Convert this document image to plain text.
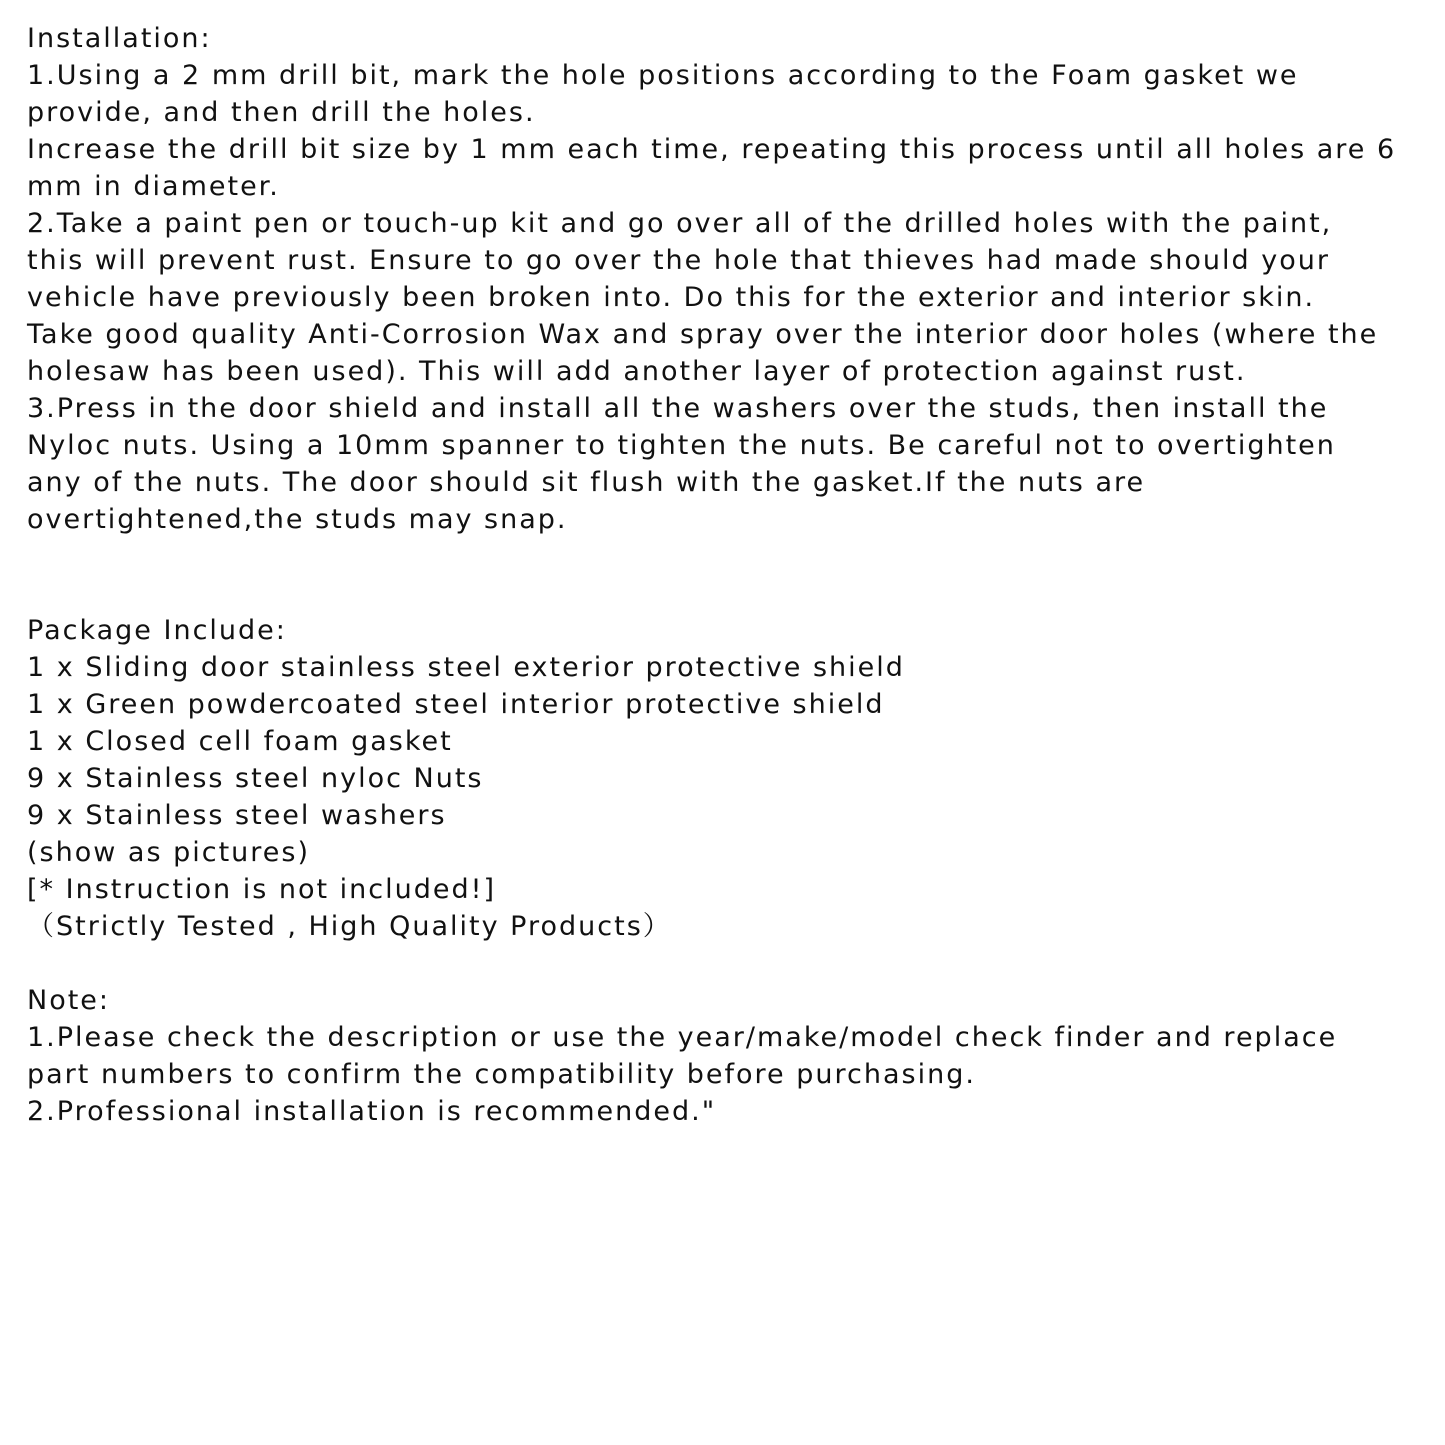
Installation:
1.Using a 2 mm drill bit, mark the hole positions according to the Foam gasket we
provide, and then drill the holes.
Increase the drill bit size by 1 mm each time, repeating this process until all holes are 6
mm in diameter.
2.Take a paint pen or touch-up kit and go over all of the drilled holes with the paint,
this will prevent rust. Ensure to go over the hole that thieves had made should your
vehicle have previously been broken into. Do this for the exterior and interior skin.
Take good quality Anti-Corrosion Wax and spray over the interior door holes (where the
holesaw has been used). This will add another layer of protection against rust.
3.Press in the door shield and install all the washers over the studs, then install the
Nyloc nuts. Using a 10mm spanner to tighten the nuts. Be careful not to overtighten
any of the nuts. The door should sit flush with the gasket.If the nuts are
overtightened,the studs may snap.
Package Include:
1 x Sliding door stainless steel exterior protective shield
1 x Green powdercoated steel interior protective shield
1 x Closed cell foam gasket
9 x Stainless steel nyloc Nuts
9 x Stainless steel washers
(show as pictures)
[* Instruction is not included!]
（Strictly Tested , High Quality Products）
Note:
1.Please check the description or use the year/make/model check finder and replace
part numbers to confirm the compatibility before purchasing.
2.Professional installation is recommended."
